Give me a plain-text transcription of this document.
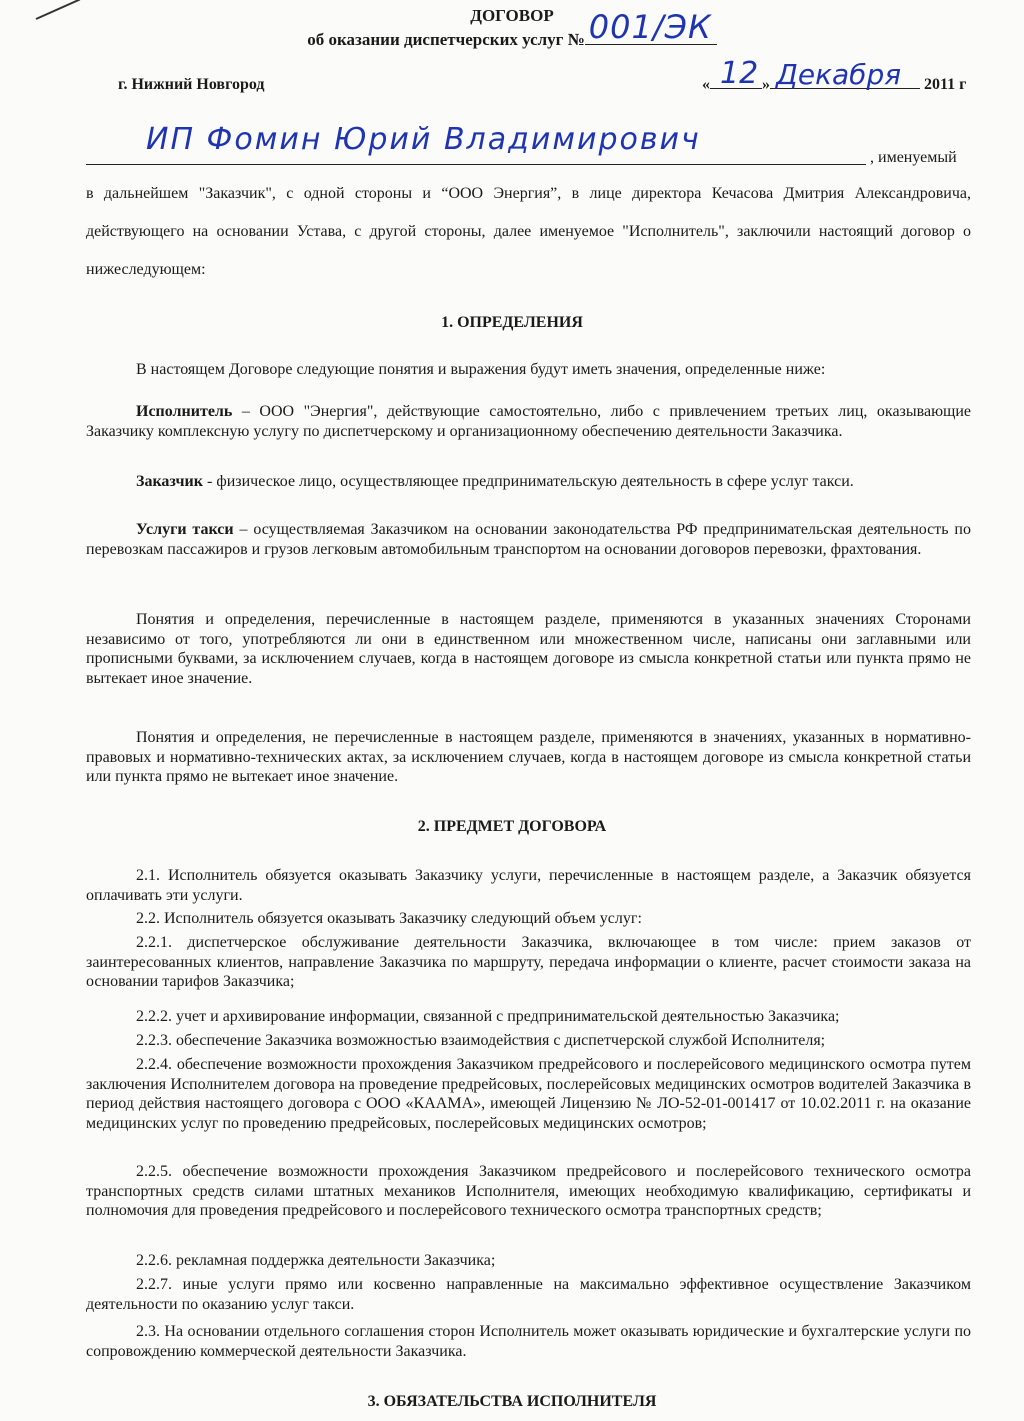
ДОГОВОР
об оказании диспетчерских услуг № 001/ЭК
г. Нижний Новгород	« 12 » Декабря 2011 г
ИП Фомин Юрий Владимирович
, именуемый
в дальнейшем "Заказчик", с одной стороны и “ООО Энергия”, в лице директора Кечасова Дмитрия Александровича, действующего на основании Устава, с другой стороны, далее именуемое "Исполнитель", заключили настоящий договор о нижеследующем:
1. ОПРЕДЕЛЕНИЯ
В настоящем Договоре следующие понятия и выражения будут иметь значения, определенные ниже:
Исполнитель – ООО "Энергия", действующие самостоятельно, либо с привлечением третьих лиц, оказывающие Заказчику комплексную услугу по диспетчерскому и организационному обеспечению деятельности Заказчика.
Заказчик - физическое лицо, осуществляющее предпринимательскую деятельность в сфере услуг такси.
Услуги такси – осуществляемая Заказчиком на основании законодательства РФ предпринимательская деятельность по перевозкам пассажиров и грузов легковым автомобильным транспортом на основании договоров перевозки, фрахтования.
Понятия и определения, перечисленные в настоящем разделе, применяются в указанных значениях Сторонами независимо от того, употребляются ли они в единственном или множественном числе, написаны они заглавными или прописными буквами, за исключением случаев, когда в настоящем договоре из смысла конкретной статьи или пункта прямо не вытекает иное значение.
Понятия и определения, не перечисленные в настоящем разделе, применяются в значениях, указанных в нормативно-правовых и нормативно-технических актах, за исключением случаев, когда в настоящем договоре из смысла конкретной статьи или пункта прямо не вытекает иное значение.
2. ПРЕДМЕТ ДОГОВОРА
2.1. Исполнитель обязуется оказывать Заказчику услуги, перечисленные в настоящем разделе, а Заказчик обязуется оплачивать эти услуги.
2.2. Исполнитель обязуется оказывать Заказчику следующий объем услуг:
2.2.1. диспетчерское обслуживание деятельности Заказчика, включающее в том числе: прием заказов от заинтересованных клиентов, направление Заказчика по маршруту, передача информации о клиенте, расчет стоимости заказа на основании тарифов Заказчика;
2.2.2. учет и архивирование информации, связанной с предпринимательской деятельностью Заказчика;
2.2.3. обеспечение Заказчика возможностью взаимодействия с диспетчерской службой Исполнителя;
2.2.4. обеспечение возможности прохождения Заказчиком предрейсового и послерейсового медицинского осмотра путем заключения Исполнителем договора на проведение предрейсовых, послерейсовых медицинских осмотров водителей Заказчика в период действия настоящего договора с ООО «КААМА», имеющей Лицензию № ЛО-52-01-001417 от 10.02.2011 г. на оказание медицинских услуг по проведению предрейсовых, послерейсовых медицинских осмотров;
2.2.5. обеспечение возможности прохождения Заказчиком предрейсового и послерейсового технического осмотра транспортных средств силами штатных механиков Исполнителя, имеющих необходимую квалификацию, сертификаты и полномочия для проведения предрейсового и послерейсового технического осмотра транспортных средств;
2.2.6. рекламная поддержка деятельности Заказчика;
2.2.7. иные услуги прямо или косвенно направленные на максимально эффективное осуществление Заказчиком деятельности по оказанию услуг такси.
2.3. На основании отдельного соглашения сторон Исполнитель может оказывать юридические и бухгалтерские услуги по сопровождению коммерческой деятельности Заказчика.
3. ОБЯЗАТЕЛЬСТВА ИСПОЛНИТЕЛЯ
